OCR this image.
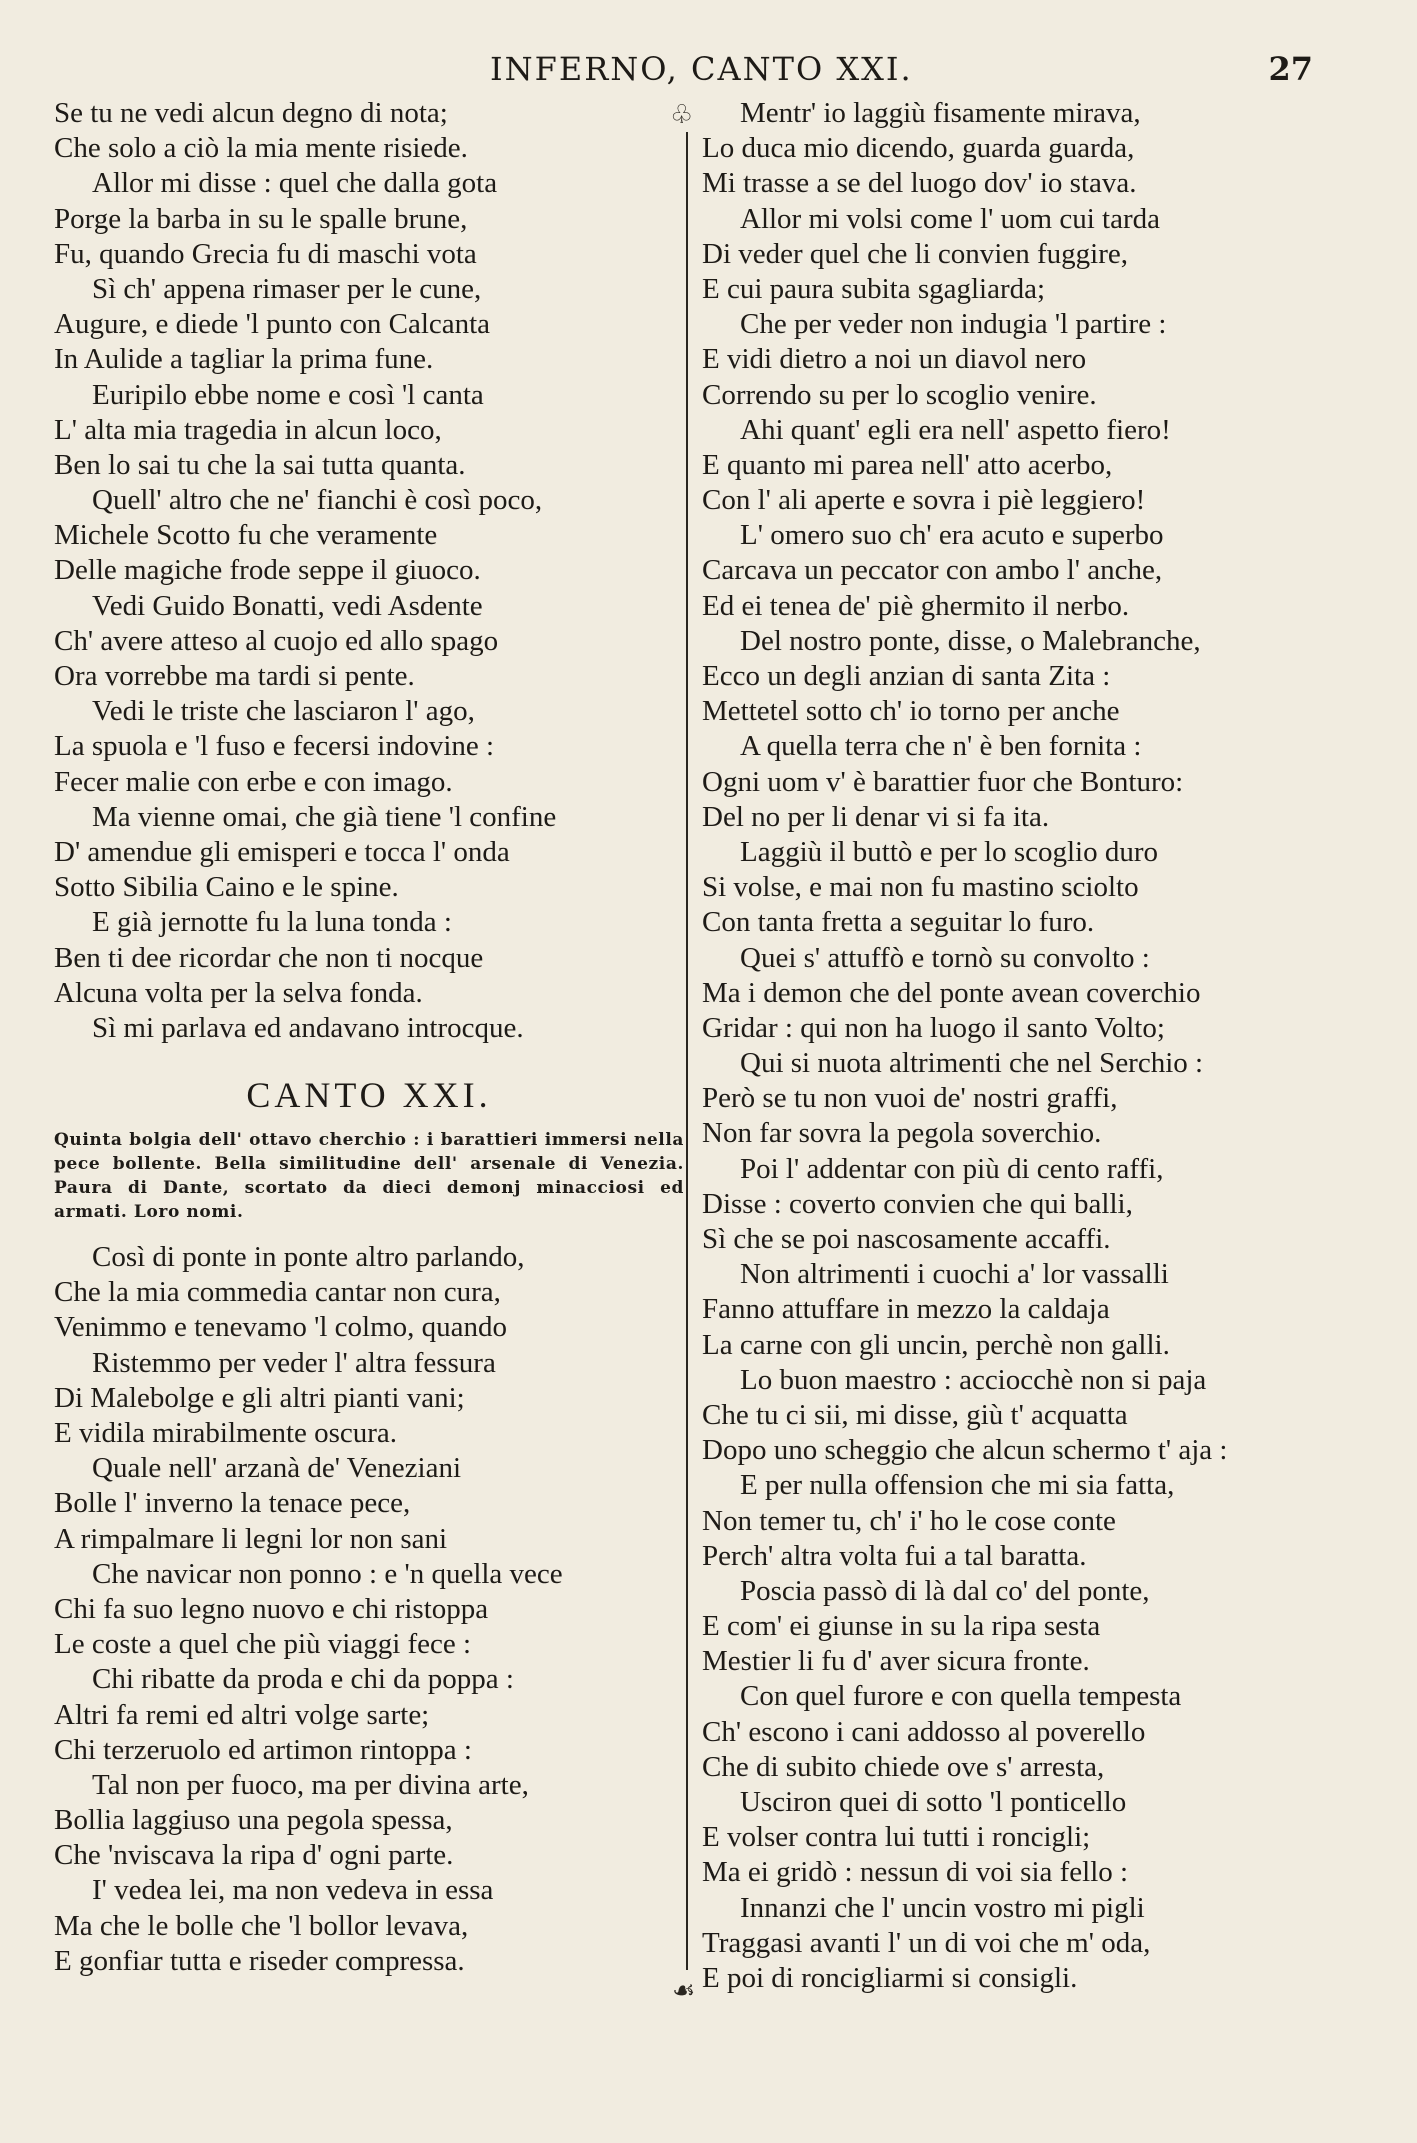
INFERNO, CANTO XXI.	27
♧
☙
Se tu ne vedi alcun degno di nota;
Che solo a ciò la mia mente risiede.
Allor mi disse : quel che dalla gota
Porge la barba in su le spalle brune,
Fu, quando Grecia fu di maschi vota
Sì ch' appena rimaser per le cune,
Augure, e diede 'l punto con Calcanta
In Aulide a tagliar la prima fune.
Euripilo ebbe nome e così 'l canta
L' alta mia tragedia in alcun loco,
Ben lo sai tu che la sai tutta quanta.
Quell' altro che ne' fianchi è così poco,
Michele Scotto fu che veramente
Delle magiche frode seppe il giuoco.
Vedi Guido Bonatti, vedi Asdente
Ch' avere atteso al cuojo ed allo spago
Ora vorrebbe ma tardi si pente.
Vedi le triste che lasciaron l' ago,
La spuola e 'l fuso e fecersi indovine :
Fecer malie con erbe e con imago.
Ma vienne omai, che già tiene 'l confine
D' amendue gli emisperi e tocca l' onda
Sotto Sibilia Caino e le spine.
E già jernotte fu la luna tonda :
Ben ti dee ricordar che non ti nocque
Alcuna volta per la selva fonda.
Sì mi parlava ed andavano introcque.
CANTO XXI.
Quinta bolgia dell' ottavo cherchio : i barattieri immersi nella pece bollente. Bella similitudine dell' arsenale di Venezia. Paura di Dante, scortato da dieci demonj minacciosi ed armati. Loro nomi.
Così di ponte in ponte altro parlando,
Che la mia commedia cantar non cura,
Venimmo e tenevamo 'l colmo, quando
Ristemmo per veder l' altra fessura
Di Malebolge e gli altri pianti vani;
E vidila mirabilmente oscura.
Quale nell' arzanà de' Veneziani
Bolle l' inverno la tenace pece,
A rimpalmare li legni lor non sani
Che navicar non ponno : e 'n quella vece
Chi fa suo legno nuovo e chi ristoppa
Le coste a quel che più viaggi fece :
Chi ribatte da proda e chi da poppa :
Altri fa remi ed altri volge sarte;
Chi terzeruolo ed artimon rintoppa :
Tal non per fuoco, ma per divina arte,
Bollia laggiuso una pegola spessa,
Che 'nviscava la ripa d' ogni parte.
I' vedea lei, ma non vedeva in essa
Ma che le bolle che 'l bollor levava,
E gonfiar tutta e riseder compressa.
Mentr' io laggiù fisamente mirava,
Lo duca mio dicendo, guarda guarda,
Mi trasse a se del luogo dov' io stava.
Allor mi volsi come l' uom cui tarda
Di veder quel che li convien fuggire,
E cui paura subita sgagliarda;
Che per veder non indugia 'l partire :
E vidi dietro a noi un diavol nero
Correndo su per lo scoglio venire.
Ahi quant' egli era nell' aspetto fiero!
E quanto mi parea nell' atto acerbo,
Con l' ali aperte e sovra i piè leggiero!
L' omero suo ch' era acuto e superbo
Carcava un peccator con ambo l' anche,
Ed ei tenea de' piè ghermito il nerbo.
Del nostro ponte, disse, o Malebranche,
Ecco un degli anzian di santa Zita :
Mettetel sotto ch' io torno per anche
A quella terra che n' è ben fornita :
Ogni uom v' è barattier fuor che Bonturo:
Del no per li denar vi si fa ita.
Laggiù il buttò e per lo scoglio duro
Si volse, e mai non fu mastino sciolto
Con tanta fretta a seguitar lo furo.
Quei s' attuffò e tornò su convolto :
Ma i demon che del ponte avean coverchio
Gridar : qui non ha luogo il santo Volto;
Qui si nuota altrimenti che nel Serchio :
Però se tu non vuoi de' nostri graffi,
Non far sovra la pegola soverchio.
Poi l' addentar con più di cento raffi,
Disse : coverto convien che qui balli,
Sì che se poi nascosamente accaffi.
Non altrimenti i cuochi a' lor vassalli
Fanno attuffare in mezzo la caldaja
La carne con gli uncin, perchè non galli.
Lo buon maestro : acciocchè non si paja
Che tu ci sii, mi disse, giù t' acquatta
Dopo uno scheggio che alcun schermo t' aja :
E per nulla offension che mi sia fatta,
Non temer tu, ch' i' ho le cose conte
Perch' altra volta fui a tal baratta.
Poscia passò di là dal co' del ponte,
E com' ei giunse in su la ripa sesta
Mestier li fu d' aver sicura fronte.
Con quel furore e con quella tempesta
Ch' escono i cani addosso al poverello
Che di subito chiede ove s' arresta,
Usciron quei di sotto 'l ponticello
E volser contra lui tutti i roncigli;
Ma ei gridò : nessun di voi sia fello :
Innanzi che l' uncin vostro mi pigli
Traggasi avanti l' un di voi che m' oda,
E poi di roncigliarmi si consigli.
